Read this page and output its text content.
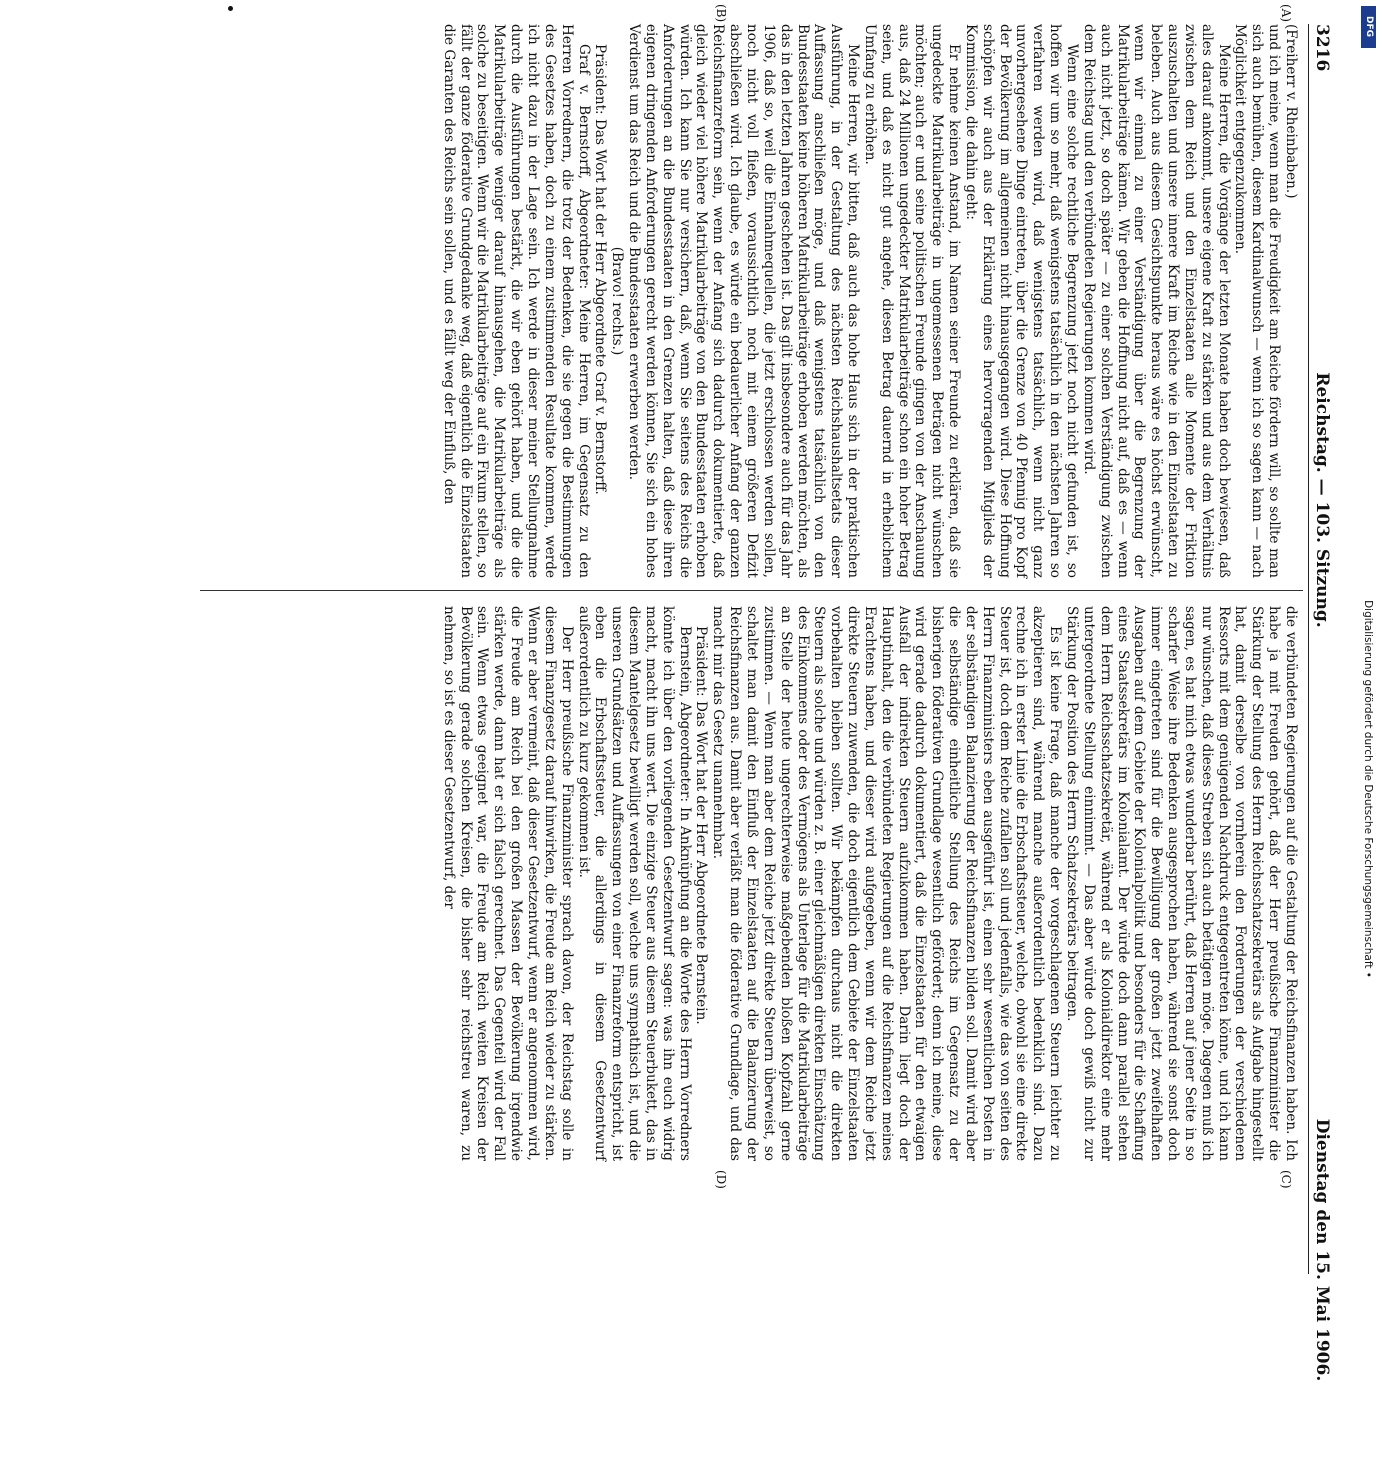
3216
Reichstag. — 103. Sitzung.
Dienstag den 15. Mai 1906.
(A)
(B)
(C)
(D)

(Freiherr v. Rheinbaben.)

und ich meine, wenn man die Freudigkeit am Reiche fördern will, so sollte man sich auch bemühen, diesem Kardinalwunsch — wenn ich so sagen kann — nach Möglichkeit entgegenzukommen.

Meine Herren, die Vorgänge der letzten Monate haben doch bewiesen, daß alles darauf ankommt, unsere eigene Kraft zu stärken und aus dem Verhältnis zwischen dem Reich und den Einzelstaaten alle Momente der Friktion auszuschalten und unsere innere Kraft im Reiche wie in den Einzelstaaten zu beleben. Auch aus diesem Gesichtspunkte heraus wäre es höchst erwünscht, wenn wir einmal zu einer Verständigung über die Begrenzung der Matrikularbeiträge kämen. Wir geben die Hoffnung nicht auf, daß es — wenn auch nicht jetzt, so doch später — zu einer solchen Verständigung zwischen dem Reichstag und den verbündeten Regierungen kommen wird.

Wenn eine solche rechtliche Begrenzung jetzt noch nicht gefunden ist, so hoffen wir um so mehr, daß wenigstens tatsächlich in den nächsten Jahren so verfahren werden wird, daß wenigstens tatsächlich, wenn nicht ganz unvorhergesehene Dinge eintreten, über die Grenze von 40 Pfennig pro Kopf der Bevölkerung im allgemeinen nicht hinausgegangen wird. Diese Hoffnung schöpfen wir auch aus der Erklärung eines hervorragenden Mitglieds der Kommission, die dahin geht:

Er nehme keinen Anstand, im Namen seiner Freunde zu erklären, daß sie ungedeckte Matrikularbeiträge in ungemessenen Beträgen nicht wünschen möchten; auch er und seine politischen Freunde gingen von der Anschauung aus, daß 24 Millionen ungedeckter Matrikularbeiträge schon ein hoher Betrag seien, und daß es nicht gut angehe, diesen Betrag dauernd in erheblichem Umfang zu erhöhen.

Meine Herren, wir bitten, daß auch das hohe Haus sich in der praktischen Ausführung, in der Gestaltung des nächsten Reichshaushaltsetats dieser Auffassung anschließen möge, und daß wenigstens tatsächlich von den Bundesstaaten keine höheren Matrikularbeiträge erhoben werden möchten, als das in den letzten Jahren geschehen ist. Das gilt insbesondere auch für das Jahr 1906, daß so, weil die Einnahmequellen, die jetzt erschlossen werden sollen, noch nicht voll fließen, voraussichtlich noch mit einem größeren Defizit abschließen wird. Ich glaube, es würde ein bedauerlicher Anfang der ganzen Reichsfinanzreform sein, wenn der Anfang sich dadurch dokumentierte, daß gleich wieder viel höhere Matrikularbeiträge von den Bundesstaaten erhoben würden. Ich kann Sie nur versichern, daß, wenn Sie seitens des Reichs die Anforderungen an die Bundesstaaten in den Grenzen halten, daß diese ihren eigenen dringenden Anforderungen gerecht werden können, Sie sich ein hohes Verdienst um das Reich und die Bundesstaaten erwerben werden.

(Bravo! rechts.)

Präsident: Das Wort hat der Herr Abgeordnete Graf v. Bernstorff.

Graf v. Bernstorff, Abgeordneter: Meine Herren, im Gegensatz zu den Herren Vorrednern, die trotz der Bedenken, die sie gegen die Bestimmungen des Gesetzes haben, doch zu einem zustimmenden Resultate kommen, werde ich nicht dazu in der Lage sein. Ich werde in dieser meiner Stellungnahme durch die Ausführungen bestärkt, die wir eben gehört haben, und die die Matrikularbeiträge weniger darauf hinausgehen, die Matrikularbeiträge als solche zu beseitigen. Wenn wir die Matrikularbeiträge auf ein Fixum stellen, so fällt der ganze föderative Grundgedanke weg, daß eigentlich die Einzelstaaten die Garanten des Reichs sein sollen, und es fällt weg der Einfluß, den

die verbündeten Regierungen auf die Gestaltung der Reichsfinanzen haben. Ich habe ja mit Freuden gehört, daß der Herr preußische Finanzminister die Stärkung der Stellung des Herrn Reichsschatzsekretärs als Aufgabe hingestellt hat, damit derselbe von vornherein den Forderungen der verschiedenen Ressorts mit dem genügenden Nachdruck entgegentreten könne, und ich kann nur wünschen, daß dieses Streben sich auch betätigen möge. Dagegen muß ich sagen, es hat mich etwas wunderbar berührt, daß Herren auf jener Seite in so scharfer Weise ihre Bedenken ausgesprochen haben, während sie sonst doch immer eingetreten sind für die Bewilligung der großen jetzt zweifelhaften Ausgaben auf dem Gebiete der Kolonialpolitik und besonders für die Schaffung eines Staatssekretärs im Kolonialamt. Der würde doch dann parallel stehen dem Herrn Reichsschatzsekretär, während er als Kolonialdirektor eine mehr untergeordnete Stellung einnimmt. — Das aber würde doch gewiß nicht zur Stärkung der Position des Herrn Schatzsekretärs beitragen.

Es ist keine Frage, daß manche der vorgeschlagenen Steuern leichter zu akzeptieren sind, während manche außerordentlich bedenklich sind. Dazu rechne ich in erster Linie die Erbschaftssteuer, welche, obwohl sie eine direkte Steuer ist, doch dem Reiche zufallen soll und jedenfalls, wie das von seiten des Herrn Finanzministers eben ausgeführt ist, einen sehr wesentlichen Posten in der selbständigen Balanzierung der Reichsfinanzen bilden soll. Damit wird aber die selbständige einheitliche Stellung des Reichs im Gegensatz zu der bisherigen föderativen Grundlage wesentlich gefördert; denn ich meine, diese wird gerade dadurch dokumentiert, daß die Einzelstaaten für den etwaigen Ausfall der indirekten Steuern aufzukommen haben. Darin liegt doch der Hauptinhalt, den die verbündeten Regierungen auf die Reichsfinanzen meines Erachtens haben, und dieser wird aufgegeben, wenn wir dem Reiche jetzt direkte Steuern zuwenden, die doch eigentlich dem Gebiete der Einzelstaaten vorbehalten bleiben sollten. Wir bekämpfen durchaus nicht die direkten Steuern als solche und würden z. B. einer gleichmäßigen direkten Einschätzung des Einkommens oder des Vermögens als Unterlage für die Matrikularbeiträge an Stelle der heute ungerechterweise maßgebenden bloßen Kopfzahl gerne zustimmen. — Wenn man aber dem Reiche jetzt direkte Steuern überweist, so schaltet man damit den Einfluß der Einzelstaaten auf die Balanzierung der Reichsfinanzen aus. Damit aber verläßt man die föderative Grundlage, und das macht mir das Gesetz unannehmbar.

Präsident: Das Wort hat der Herr Abgeordnete Bernstein.

Bernstein, Abgeordneter: In Anknüpfung an die Worte des Herrn Vorredners könnte ich über den vorliegenden Gesetzentwurf sagen: was ihn euch widrig macht, macht ihn uns wert. Die einzige Steuer aus diesem Steuerbukett, das in diesem Mantelgesetz bewilligt werden soll, welche uns sympathisch ist, und die unseren Grundsätzen und Auffassungen von einer Finanzreform entspricht, ist eben die Erbschaftssteuer, die allerdings in diesem Gesetzentwurf außerordentlich zu kurz gekommen ist.

Der Herr preußische Finanzminister sprach davon, der Reichstag solle in diesem Finanzgesetz darauf hinwirken, die Freude am Reich wieder zu stärken. Wenn er aber vermeint, daß dieser Gesetzentwurf, wenn er angenommen wird, die Freude am Reich bei den großen Massen der Bevölkerung irgendwie stärken werde, dann hat er sich falsch gerechnet. Das Gegenteil wird der Fall sein. Wenn etwas geeignet war, die Freude am Reich weiten Kreisen der Bevölkerung gerade solchen Kreisen, die bisher sehr reichstreu waren, zu nehmen, so ist es dieser Gesetzentwurf, der	Digitalisierung gefördert durch die Deutsche Forschungsgemeinschaft •
DFG
